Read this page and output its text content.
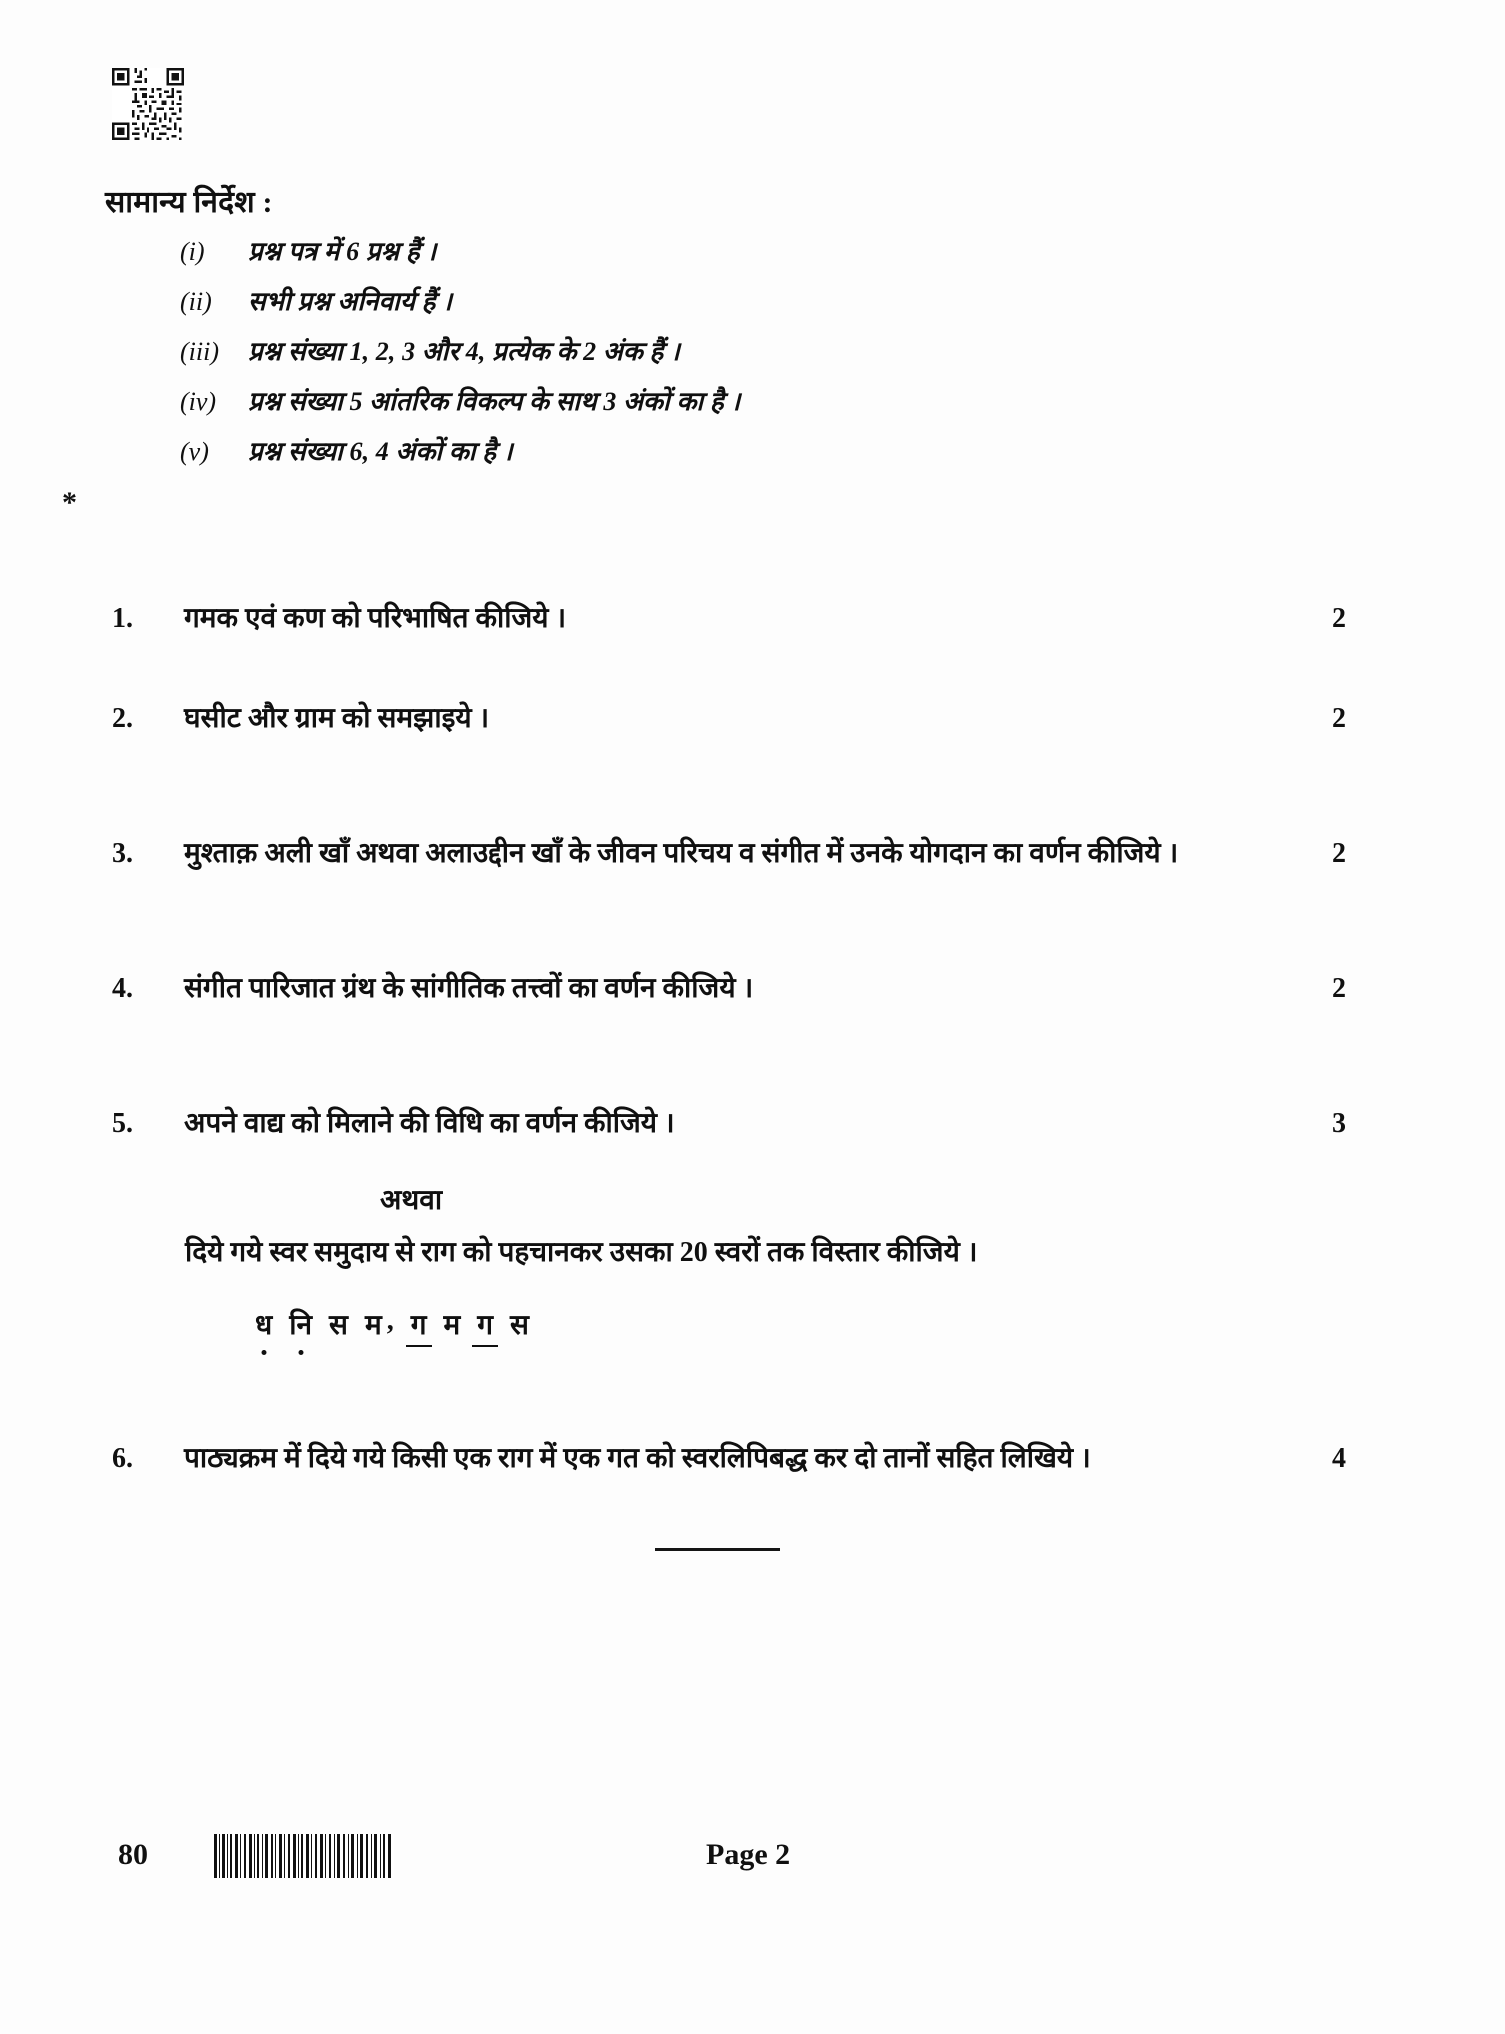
सामान्य निर्देश :
(i)	प्रश्न पत्र में 6 प्रश्न हैं ।
(ii)	सभी प्रश्न अनिवार्य हैं ।
(iii)	प्रश्न संख्या 1, 2, 3 और 4, प्रत्येक के 2 अंक हैं ।
(iv)	प्रश्न संख्या 5 आंतरिक विकल्प के साथ 3 अंकों का है ।
(v)	प्रश्न संख्या 6, 4 अंकों का है ।
*
1.	गमक एवं कण को परिभाषित कीजिये ।	2
2.	घसीट और ग्राम को समझाइये ।	2
3.	मुश्ताक़ अली खाँ अथवा अलाउद्दीन खाँ के जीवन परिचय व संगीत में उनके योगदान का वर्णन कीजिये ।	2
4.	संगीत पारिजात ग्रंथ के सांगीतिक तत्त्वों का वर्णन कीजिये ।	2
5.	अपने वाद्य को मिलाने की विधि का वर्णन कीजिये ।	3
अथवा
दिये गये स्वर समुदाय से राग को पहचानकर उसका 20 स्वरों तक विस्तार कीजिये ।
ध नि स म , ग म ग स
6.	पाठ्यक्रम में दिये गये किसी एक राग में एक गत को स्वरलिपिबद्ध कर दो तानों सहित लिखिये ।	4
80	Page 2
